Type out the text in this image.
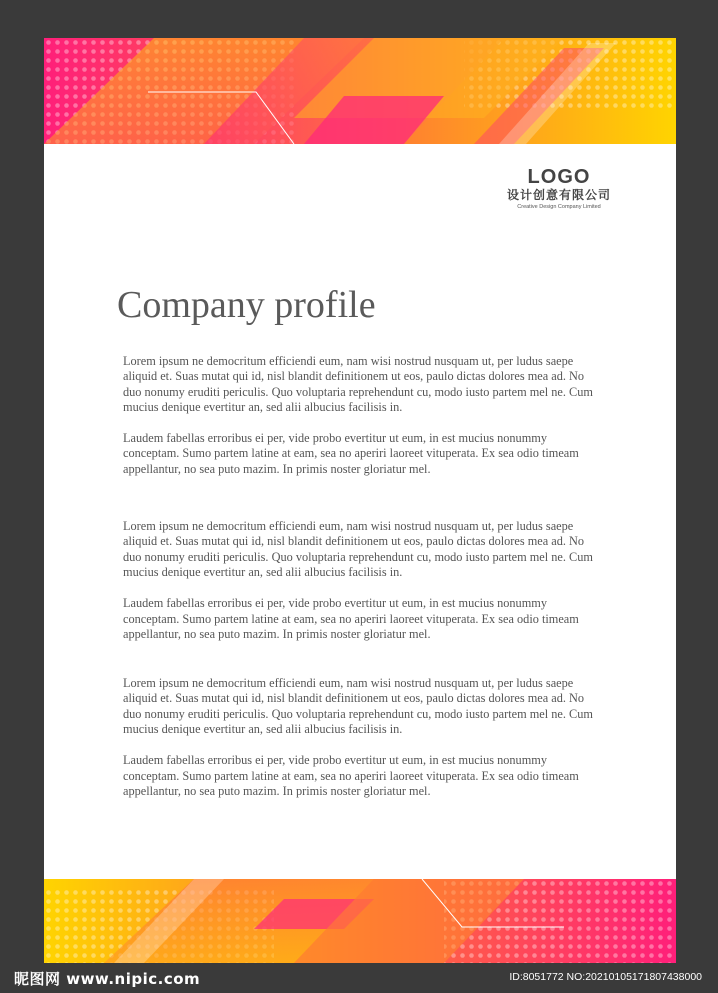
LOGO
设计创意有限公司
Creative Design Company Limited
Company profile

Lorem ipsum ne democritum efficiendi eum, nam wisi nostrud nusquam ut, per ludus saepe aliquid et. Suas mutat qui id, nisl blandit definitionem ut eos, paulo dictas dolores mea ad. No duo nonumy eruditi periculis. Quo voluptaria reprehendunt cu, modo iusto partem mel ne. Cum mucius denique evertitur an, sed alii albucius facilisis in.

Laudem fabellas erroribus ei per, vide probo evertitur ut eum, in est mucius nonummy conceptam. Sumo partem latine at eam, sea no aperiri laoreet vituperata. Ex sea odio timeam appellantur, no sea puto mazim. In primis noster gloriatur mel.

Lorem ipsum ne democritum efficiendi eum, nam wisi nostrud nusquam ut, per ludus saepe aliquid et. Suas mutat qui id, nisl blandit definitionem ut eos, paulo dictas dolores mea ad. No duo nonumy eruditi periculis. Quo voluptaria reprehendunt cu, modo iusto partem mel ne. Cum mucius denique evertitur an, sed alii albucius facilisis in.

Laudem fabellas erroribus ei per, vide probo evertitur ut eum, in est mucius nonummy conceptam. Sumo partem latine at eam, sea no aperiri laoreet vituperata. Ex sea odio timeam appellantur, no sea puto mazim. In primis noster gloriatur mel.

Lorem ipsum ne democritum efficiendi eum, nam wisi nostrud nusquam ut, per ludus saepe aliquid et. Suas mutat qui id, nisl blandit definitionem ut eos, paulo dictas dolores mea ad. No duo nonumy eruditi periculis. Quo voluptaria reprehendunt cu, modo iusto partem mel ne. Cum mucius denique evertitur an, sed alii albucius facilisis in.

Laudem fabellas erroribus ei per, vide probo evertitur ut eum, in est mucius nonummy conceptam. Sumo partem latine at eam, sea no aperiri laoreet vituperata. Ex sea odio timeam appellantur, no sea puto mazim. In primis noster gloriatur mel.

昵图网 www.nipic.com	ID:8051772 NO:20210105171807438000
